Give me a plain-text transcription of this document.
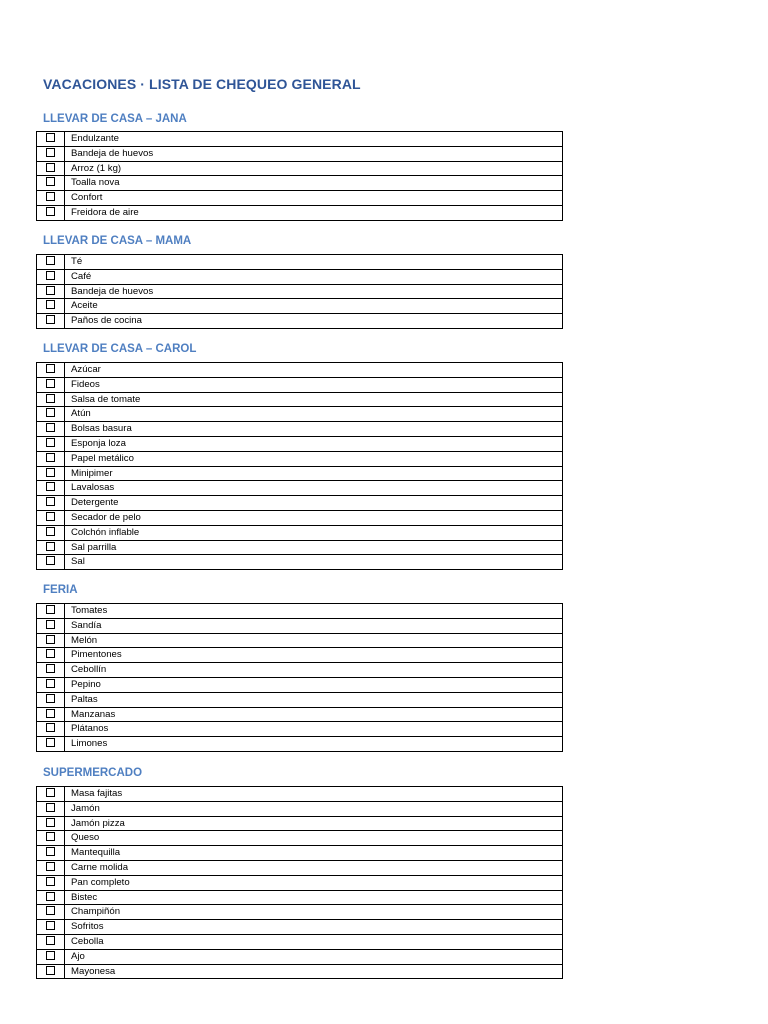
VACACIONES · LISTA DE CHEQUEO GENERAL
LLEVAR DE CASA – JANA
	Endulzante
	Bandeja de huevos
	Arroz (1 kg)
	Toalla nova
	Confort
	Freidora de aire
LLEVAR DE CASA – MAMA
	Té
	Café
	Bandeja de huevos
	Aceite
	Paños de cocina
LLEVAR DE CASA – CAROL
	Azúcar
	Fideos
	Salsa de tomate
	Atún
	Bolsas basura
	Esponja loza
	Papel metálico
	Minipimer
	Lavalosas
	Detergente
	Secador de pelo
	Colchón inflable
	Sal parrilla
	Sal
FERIA
	Tomates
	Sandía
	Melón
	Pimentones
	Cebollín
	Pepino
	Paltas
	Manzanas
	Plátanos
	Limones
SUPERMERCADO
	Masa fajitas
	Jamón
	Jamón pizza
	Queso
	Mantequilla
	Carne molida
	Pan completo
	Bistec
	Champiñón
	Sofritos
	Cebolla
	Ajo
	Mayonesa
